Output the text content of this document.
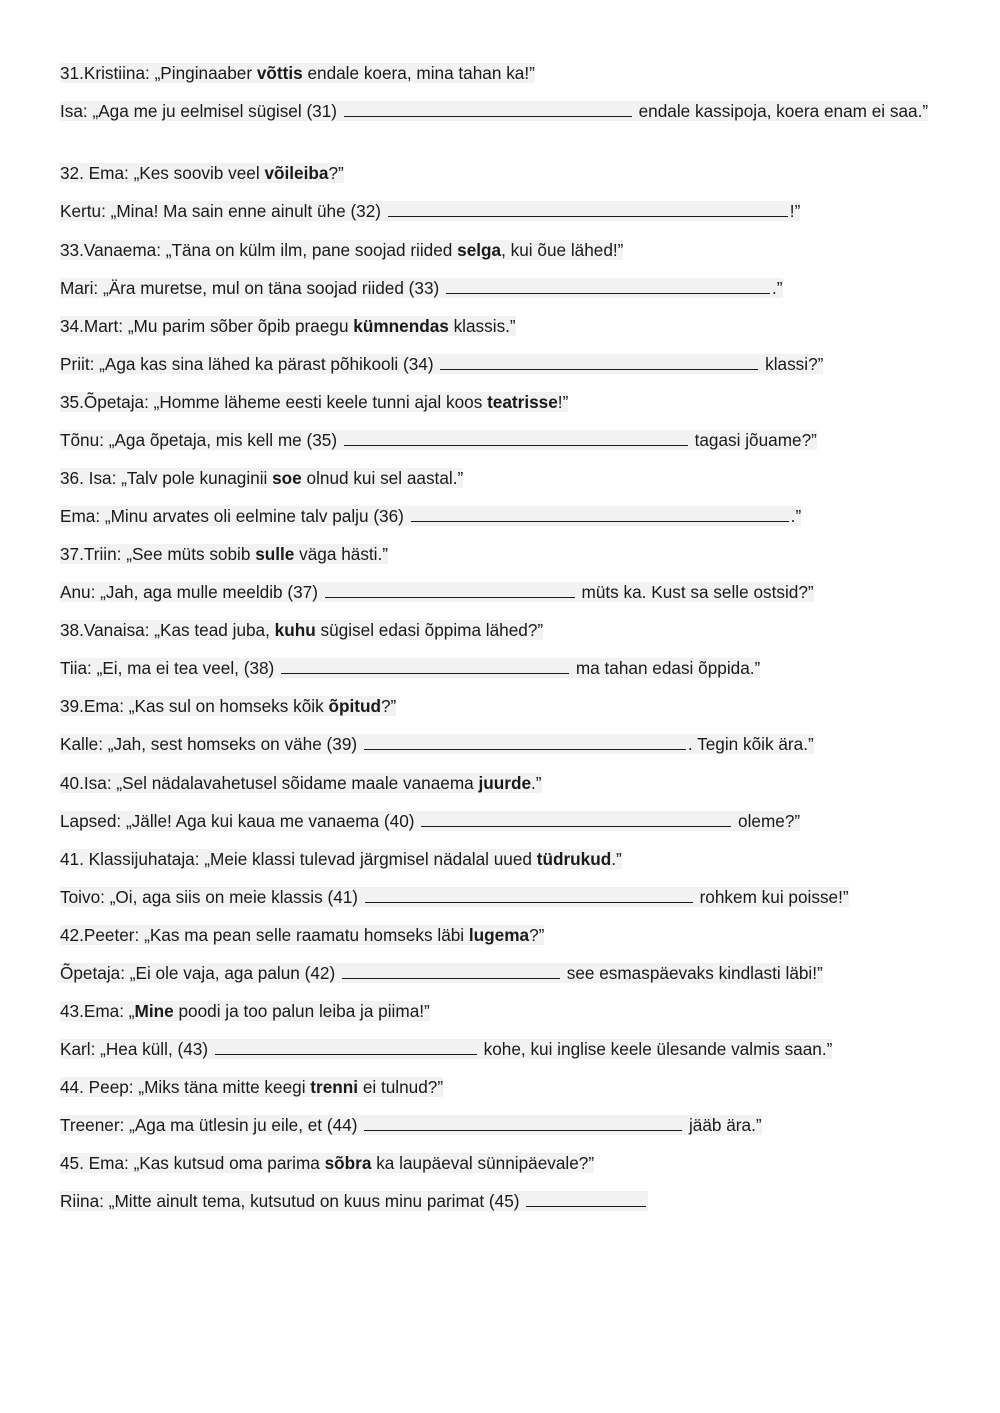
31.Kristiina: „Pinginaaber võttis endale koera, mina tahan ka!”
Isa: „Aga me ju eelmisel sügisel (31)	endale kassipoja, koera enam ei saa.”
32. Ema: „Kes soovib veel võileiba?”
Kertu: „Mina! Ma sain enne ainult ühe (32)	!”
33.Vanaema: „Täna on külm ilm, pane soojad riided selga, kui õue lähed!”
Mari: „Ära muretse, mul on täna soojad riided (33)	.”
34.Mart: „Mu parim sõber õpib praegu kümnendas klassis.”
Priit: „Aga kas sina lähed ka pärast põhikooli (34)	klassi?”
35.Õpetaja: „Homme läheme eesti keele tunni ajal koos teatrisse!”
Tõnu: „Aga õpetaja, mis kell me (35)	tagasi jõuame?”
36. Isa: „Talv pole kunaginii soe olnud kui sel aastal.”
Ema: „Minu arvates oli eelmine talv palju (36)	.”
37.Triin: „See müts sobib sulle väga hästi.”
Anu: „Jah, aga mulle meeldib (37)	müts ka. Kust sa selle ostsid?”
38.Vanaisa: „Kas tead juba, kuhu sügisel edasi õppima lähed?”
Tiia: „Ei, ma ei tea veel, (38)	ma tahan edasi õppida.”
39.Ema: „Kas sul on homseks kõik õpitud?”
Kalle: „Jah, sest homseks on vähe (39)	. Tegin kõik ära.”
40.Isa: „Sel nädalavahetusel sõidame maale vanaema juurde.”
Lapsed: „Jälle! Aga kui kaua me vanaema (40)	oleme?”
41. Klassijuhataja: „Meie klassi tulevad järgmisel nädalal uued tüdrukud.”
Toivo: „Oi, aga siis on meie klassis (41)	rohkem kui poisse!”
42.Peeter: „Kas ma pean selle raamatu homseks läbi lugema?”
Õpetaja: „Ei ole vaja, aga palun (42)	see esmaspäevaks kindlasti läbi!”
43.Ema: „Mine poodi ja too palun leiba ja piima!”
Karl: „Hea küll, (43)	kohe, kui inglise keele ülesande valmis saan.”
44. Peep: „Miks täna mitte keegi trenni ei tulnud?”
Treener: „Aga ma ütlesin ju eile, et (44)	jääb ära.”
45. Ema: „Kas kutsud oma parima sõbra ka laupäeval sünnipäevale?”
Riina: „Mitte ainult tema, kutsutud on kuus minu parimat (45)
